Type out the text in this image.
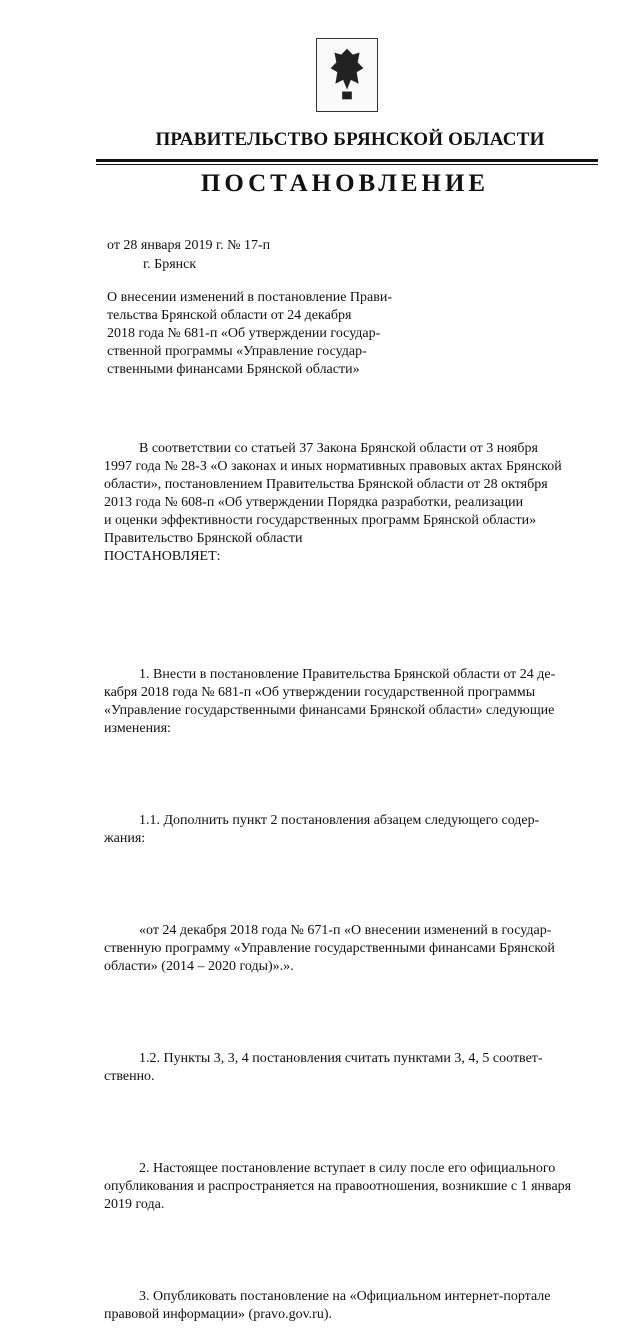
ПРАВИТЕЛЬСТВО БРЯНСКОЙ ОБЛАСТИ
ПОСТАНОВЛЕНИЕ
от 28 января 2019 г. № 17-п
г. Брянск
О внесении изменений в постановление Прави-
тельства Брянской области от 24 декабря
2018 года № 681-п «Об утверждении государ-
ственной программы «Управление государ-
ственными финансами Брянской области»

В соответствии со статьей 37 Закона Брянской области от 3 ноября
1997 года № 28-З «О законах и иных нормативных правовых актах Брянской
области», постановлением Правительства Брянской области от 28 октября
2013 года № 608-п «Об утверждении Порядка разработки, реализации
и оценки эффективности государственных программ Брянской области»
Правительство Брянской области
ПОСТАНОВЛЯЕТ:

1. Внести в постановление Правительства Брянской области от 24 де-
кабря 2018 года № 681-п «Об утверждении государственной программы
«Управление государственными финансами Брянской области» следующие
изменения:

1.1. Дополнить пункт 2 постановления абзацем следующего содер-
жания:

«от 24 декабря 2018 года № 671-п «О внесении изменений в государ-
ственную программу «Управление государственными финансами Брянской
области» (2014 – 2020 годы)».».

1.2. Пункты 3, 3, 4 постановления считать пунктами 3, 4, 5 соответ-
ственно.

2. Настоящее постановление вступает в силу после его официального
опубликования и распространяется на правоотношения, возникшие с 1 января
2019 года.

3. Опубликовать постановление на «Официальном интернет-портале
правовой информации» (pravo.gov.ru).
